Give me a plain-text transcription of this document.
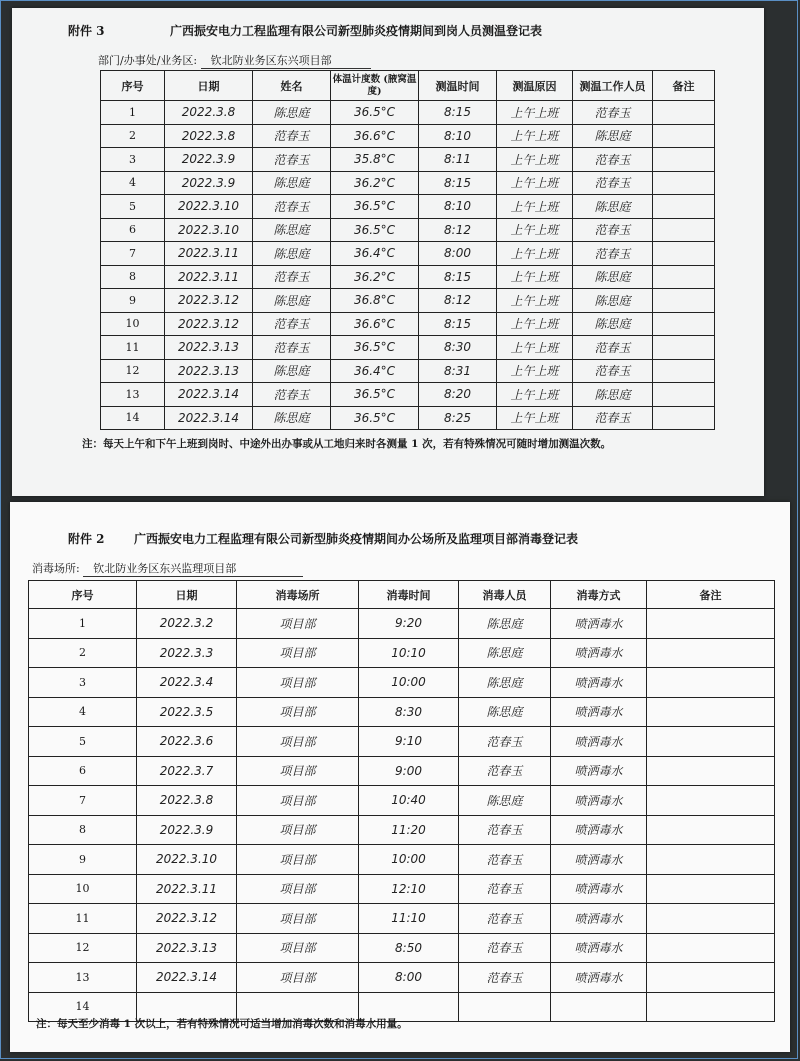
附件 3	广西振安电力工程监理有限公司新型肺炎疫情期间到岗人员测温登记表
部门/办事处/业务区: 钦北防业务区东兴项目部
序号	日期	姓名	体温计度数 (腋窝温度)	测温时间	测温原因	测温工作人员	备注
1	2022.3.8	陈思庭	36.5°C	8:15	上午上班	范春玉	
2	2022.3.8	范春玉	36.6°C	8:10	上午上班	陈思庭	
3	2022.3.9	范春玉	35.8°C	8:11	上午上班	范春玉	
4	2022.3.9	陈思庭	36.2°C	8:15	上午上班	范春玉	
5	2022.3.10	范春玉	36.5°C	8:10	上午上班	陈思庭	
6	2022.3.10	陈思庭	36.5°C	8:12	上午上班	范春玉	
7	2022.3.11	陈思庭	36.4°C	8:00	上午上班	范春玉	
8	2022.3.11	范春玉	36.2°C	8:15	上午上班	陈思庭	
9	2022.3.12	陈思庭	36.8°C	8:12	上午上班	陈思庭	
10	2022.3.12	范春玉	36.6°C	8:15	上午上班	陈思庭	
11	2022.3.13	范春玉	36.5°C	8:30	上午上班	范春玉	
12	2022.3.13	陈思庭	36.4°C	8:31	上午上班	范春玉	
13	2022.3.14	范春玉	36.5°C	8:20	上午上班	陈思庭	
14	2022.3.14	陈思庭	36.5°C	8:25	上午上班	范春玉	
注：每天上午和下午上班到岗时、中途外出办事或从工地归来时各测量 1 次，若有特殊情况可随时增加测温次数。
附件 2 广西振安电力工程监理有限公司新型肺炎疫情期间办公场所及监理项目部消毒登记表
消毒场所: 钦北防业务区东兴监理项目部
序号	日期	消毒场所	消毒时间	消毒人员	消毒方式	备注
1	2022.3.2	项目部	9:20	陈思庭	喷洒毒水	
2	2022.3.3	项目部	10:10	陈思庭	喷洒毒水	
3	2022.3.4	项目部	10:00	陈思庭	喷洒毒水	
4	2022.3.5	项目部	8:30	陈思庭	喷洒毒水	
5	2022.3.6	项目部	9:10	范春玉	喷洒毒水	
6	2022.3.7	项目部	9:00	范春玉	喷洒毒水	
7	2022.3.8	项目部	10:40	陈思庭	喷洒毒水	
8	2022.3.9	项目部	11:20	范春玉	喷洒毒水	
9	2022.3.10	项目部	10:00	范春玉	喷洒毒水	
10	2022.3.11	项目部	12:10	范春玉	喷洒毒水	
11	2022.3.12	项目部	11:10	范春玉	喷洒毒水	
12	2022.3.13	项目部	8:50	范春玉	喷洒毒水	
13	2022.3.14	项目部	8:00	范春玉	喷洒毒水	
14						
注：每天至少消毒 1 次以上，若有特殊情况可适当增加消毒次数和消毒水用量。
